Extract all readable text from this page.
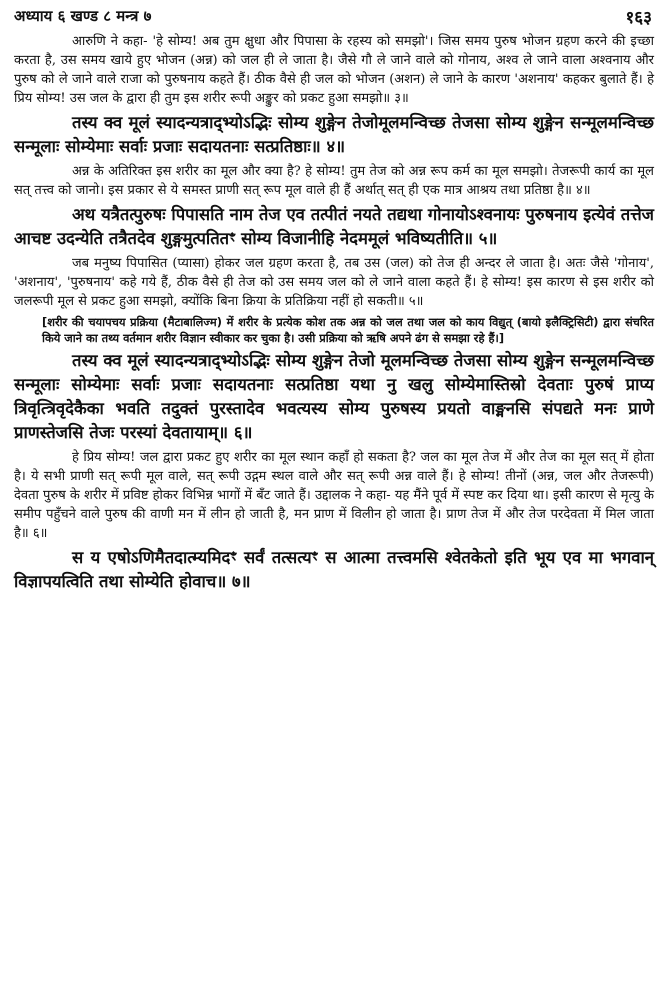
अध्याय ६ खण्ड ८ मन्त्र ७	१६३

आरुणि ने कहा- 'हे सोम्य! अब तुम क्षुधा और पिपासा के रहस्य को समझो'। जिस समय पुरुष भोजन ग्रहण करने की इच्छा करता है, उस समय खाये हुए भोजन (अन्न) को जल ही ले जाता है। जैसे गौ ले जाने वाले को गोनाय, अश्व ले जाने वाला अश्वनाय और पुरुष को ले जाने वाले राजा को पुरुषनाय कहते हैं। ठीक वैसे ही जल को भोजन (अशन) ले जाने के कारण 'अशनाय' कहकर बुलाते हैं। हे प्रिय सोम्य! उस जल के द्वारा ही तुम इस शरीर रूपी अङ्कुर को प्रकट हुआ समझो॥ ३॥

तस्य क्व मूलं स्यादन्यत्राद्भ्योऽद्भिः सोम्य शुङ्गेन तेजोमूलमन्विच्छ तेजसा सोम्य शुङ्गेन सन्मूलमन्विच्छ सन्मूलाः सोम्येमाः सर्वाः प्रजाः सदायतनाः सत्प्रतिष्ठाः॥ ४॥

अन्न के अतिरिक्त इस शरीर का मूल और क्या है? हे सोम्य! तुम तेज को अन्न रूप कर्म का मूल समझो। तेजरूपी कार्य का मूल सत् तत्त्व को जानो। इस प्रकार से ये समस्त प्राणी सत् रूप मूल वाले ही हैं अर्थात् सत् ही एक मात्र आश्रय तथा प्रतिष्ठा है॥ ४॥

अथ यत्रैतत्पुरुषः पिपासति नाम तेज एव तत्पीतं नयते तद्यथा गोनायोऽश्वनायः पुरुषनाय इत्येवं तत्तेज आचष्ट उदन्येति तत्रैतदेव शुङ्गमुत्पतितꣳ सोम्य विजानीहि नेदममूलं भविष्यतीति॥ ५॥

जब मनुष्य पिपासित (प्यासा) होकर जल ग्रहण करता है, तब उस (जल) को तेज ही अन्दर ले जाता है। अतः जैसे 'गोनाय', 'अशनाय', 'पुरुषनाय' कहे गये हैं, ठीक वैसे ही तेज को उस समय जल को ले जाने वाला कहते हैं। हे सोम्य! इस कारण से इस शरीर को जलरूपी मूल से प्रकट हुआ समझो, क्योंकि बिना क्रिया के प्रतिक्रिया नहीं हो सकती॥ ५॥

[शरीर की चयापचय प्रक्रिया (मैटाबालिज्म) में शरीर के प्रत्येक कोश तक अन्न को जल तथा जल को काय विद्युत् (बायो इलैक्ट्रिसिटी) द्वारा संचरित किये जाने का तथ्य वर्तमान शरीर विज्ञान स्वीकार कर चुका है। उसी प्रक्रिया को ऋषि अपने ढंग से समझा रहे हैं।]

तस्य क्व मूलं स्यादन्यत्राद्भ्योऽद्भिः सोम्य शुङ्गेन तेजो मूलमन्विच्छ तेजसा सोम्य शुङ्गेन सन्मूलमन्विच्छ सन्मूलाः सोम्येमाः सर्वाः प्रजाः सदायतनाः सत्प्रतिष्ठा यथा नु खलु सोम्येमास्तिस्रो देवताः पुरुषं प्राप्य त्रिवृत्त्रिवृदेकैका भवति तदुक्तं पुरस्तादेव भवत्यस्य सोम्य पुरुषस्य प्रयतो वाङ्मनसि संपद्यते मनः प्राणे प्राणस्तेजसि तेजः परस्यां देवतायाम्॥ ६॥

हे प्रिय सोम्य! जल द्वारा प्रकट हुए शरीर का मूल स्थान कहाँ हो सकता है? जल का मूल तेज में और तेज का मूल सत् में होता है। ये सभी प्राणी सत् रूपी मूल वाले, सत् रूपी उद्गम स्थल वाले और सत् रूपी अन्न वाले हैं। हे सोम्य! तीनों (अन्न, जल और तेजरूपी) देवता पुरुष के शरीर में प्रविष्ट होकर विभिन्न भागों में बँट जाते हैं। उद्दालक ने कहा- यह मैंने पूर्व में स्पष्ट कर दिया था। इसी कारण से मृत्यु के समीप पहुँचने वाले पुरुष की वाणी मन में लीन हो जाती है, मन प्राण में विलीन हो जाता है। प्राण तेज में और तेज परदेवता में मिल जाता है॥ ६॥

स य एषोऽणिमैतदात्म्यमिदꣳ सर्वं तत्सत्यꣳ स आत्मा तत्त्वमसि श्वेतकेतो इति भूय एव मा भगवान् विज्ञापयत्विति तथा सोम्येति होवाच॥ ७॥
